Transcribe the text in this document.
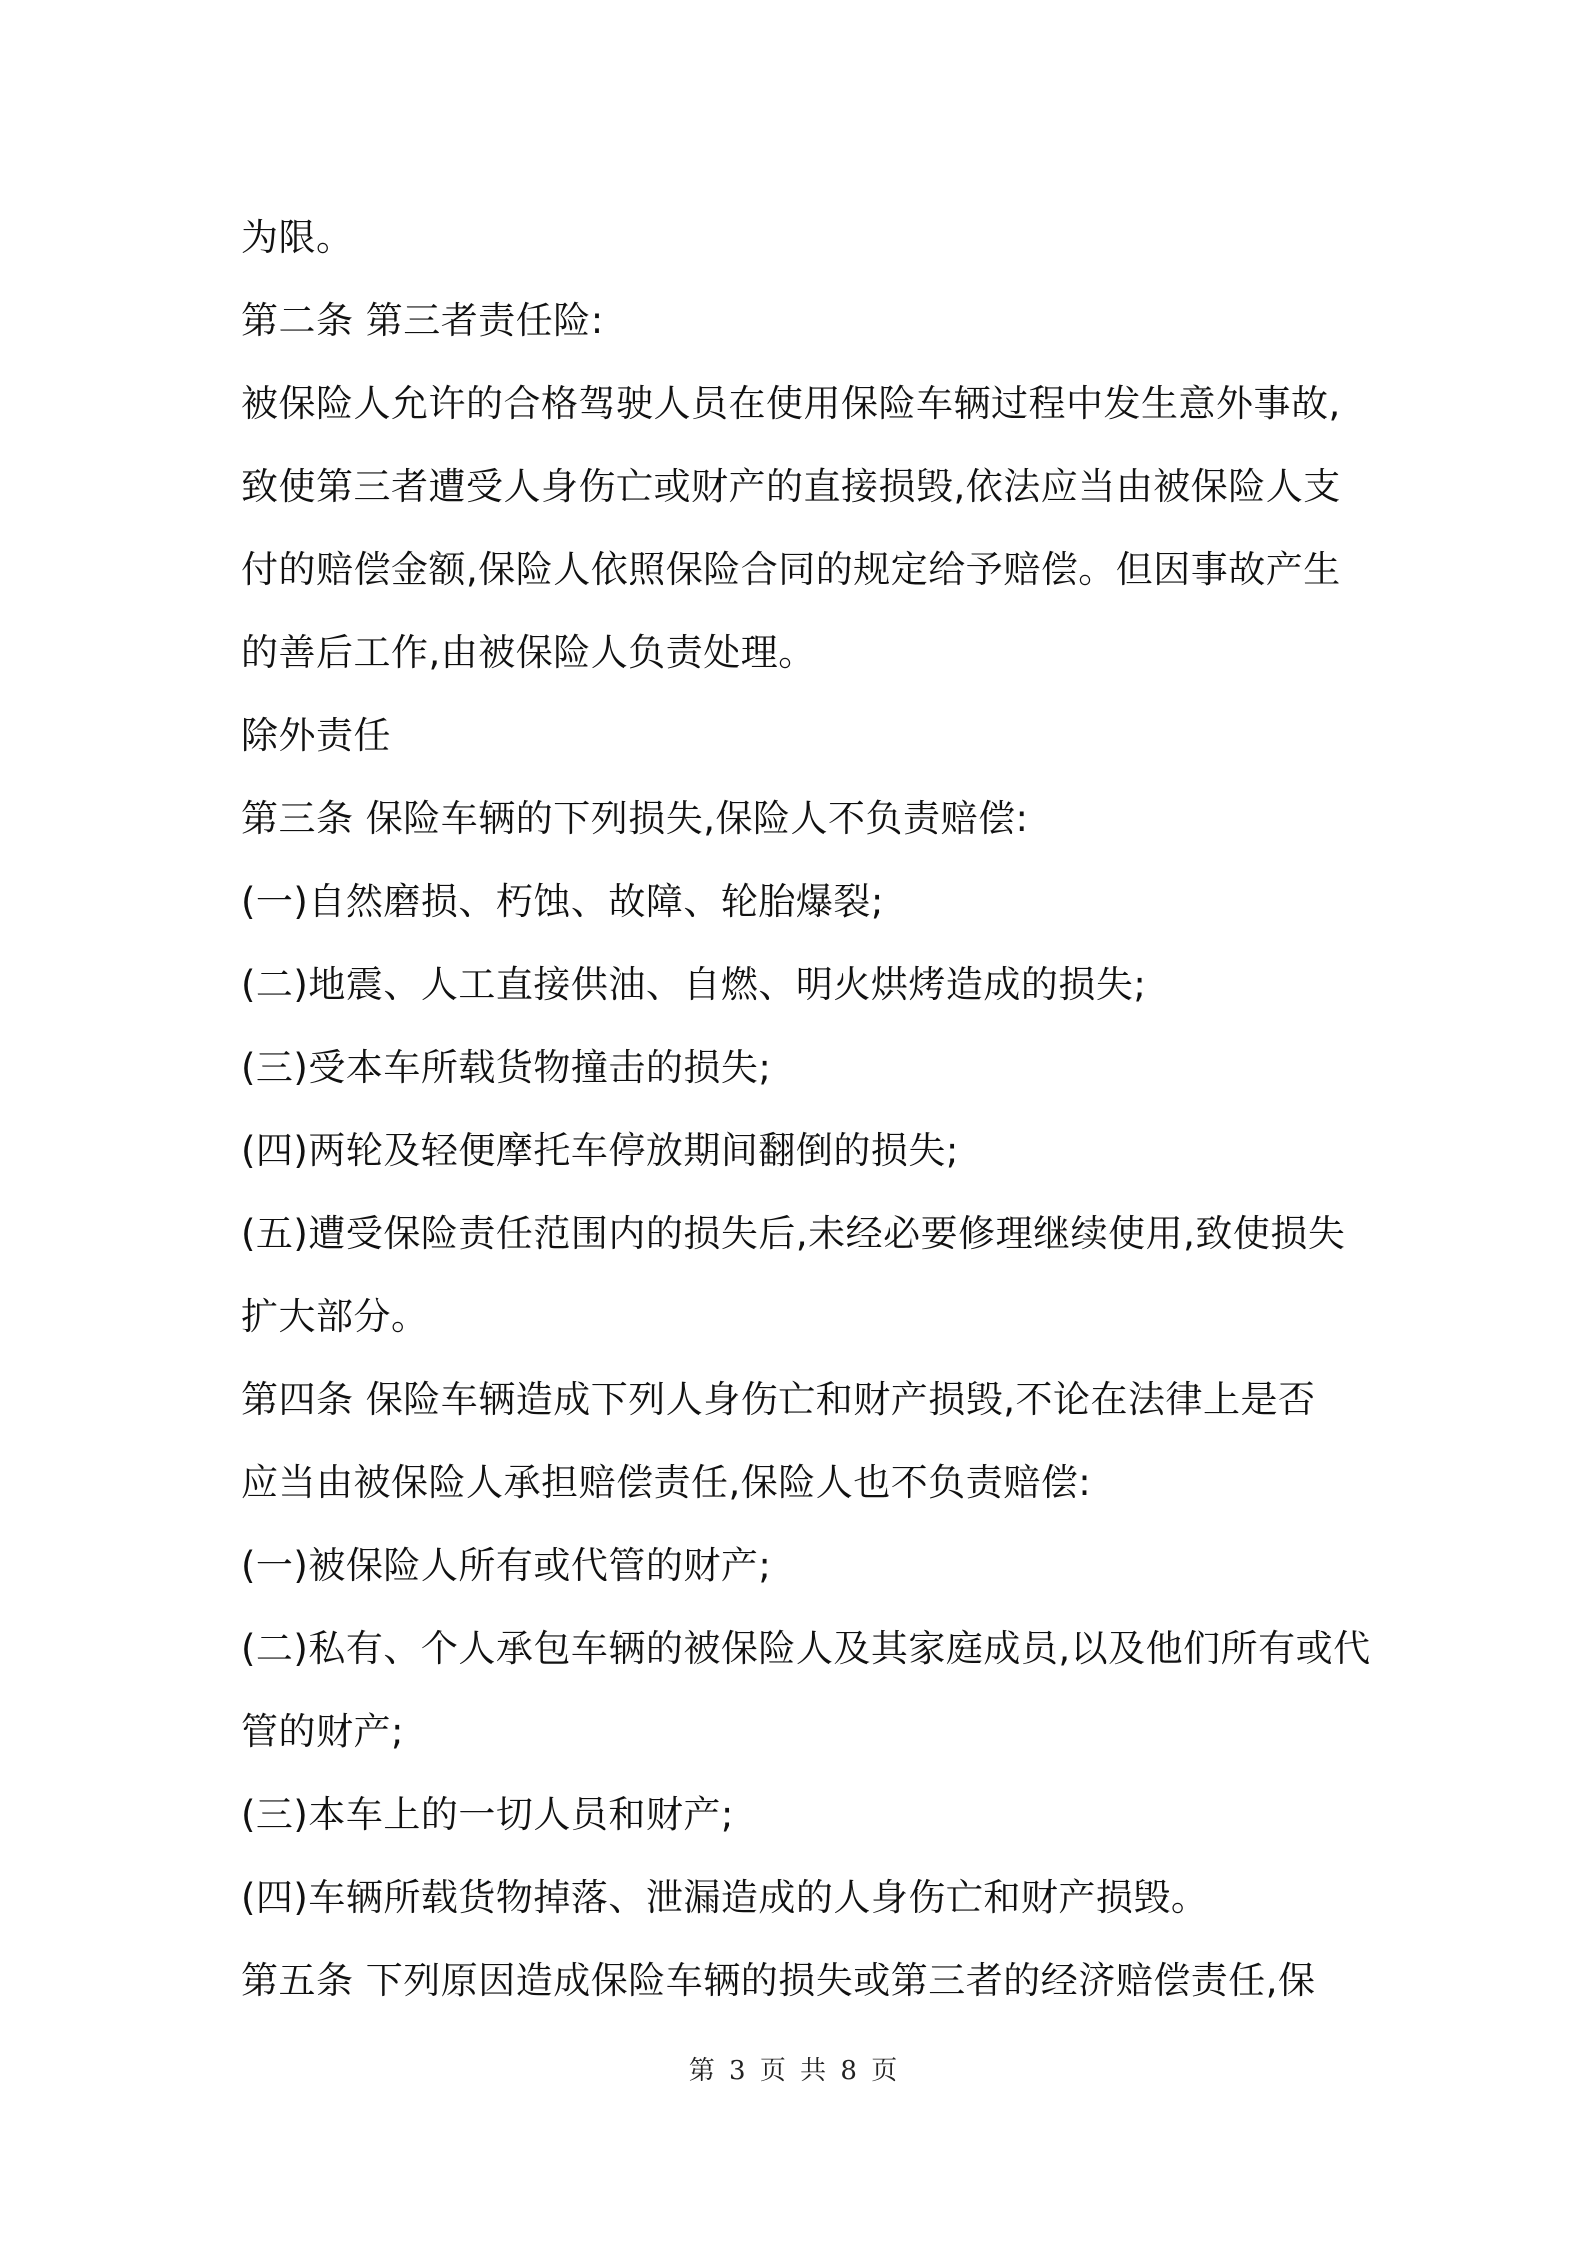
为限。
第二条 第三者责任险:
被保险人允许的合格驾驶人员在使用保险车辆过程中发生意外事故,
致使第三者遭受人身伤亡或财产的直接损毁,依法应当由被保险人支
付的赔偿金额,保险人依照保险合同的规定给予赔偿。但因事故产生
的善后工作,由被保险人负责处理。
除外责任
第三条 保险车辆的下列损失,保险人不负责赔偿:
(一)自然磨损、朽蚀、故障、轮胎爆裂;
(二)地震、人工直接供油、自燃、明火烘烤造成的损失;
(三)受本车所载货物撞击的损失;
(四)两轮及轻便摩托车停放期间翻倒的损失;
(五)遭受保险责任范围内的损失后,未经必要修理继续使用,致使损失
扩大部分。
第四条 保险车辆造成下列人身伤亡和财产损毁,不论在法律上是否
应当由被保险人承担赔偿责任,保险人也不负责赔偿:
(一)被保险人所有或代管的财产;
(二)私有、个人承包车辆的被保险人及其家庭成员,以及他们所有或代
管的财产;
(三)本车上的一切人员和财产;
(四)车辆所载货物掉落、泄漏造成的人身伤亡和财产损毁。
第五条 下列原因造成保险车辆的损失或第三者的经济赔偿责任,保
第 3 页 共 8 页
